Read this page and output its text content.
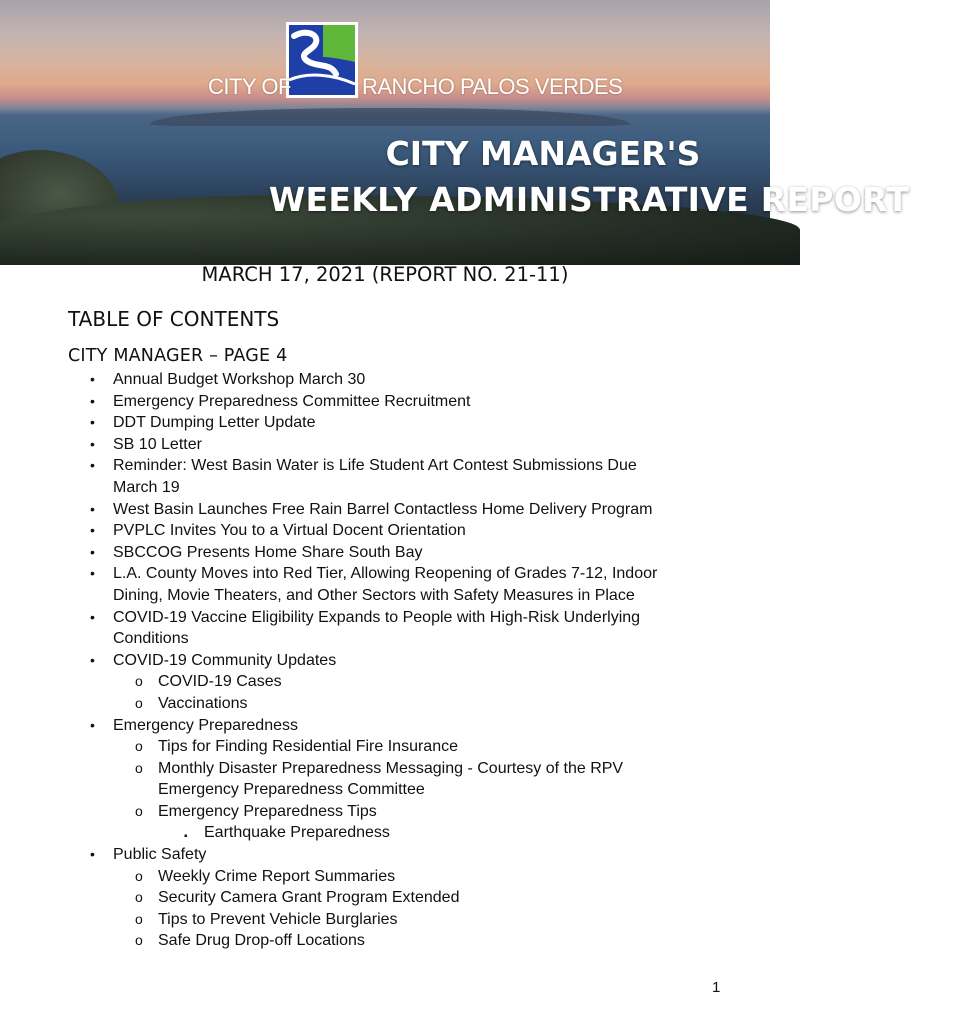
CITY OF	RANCHO PALOS VERDES
CITY MANAGER'S
WEEKLY ADMINISTRATIVE REPORT
MARCH 17, 2021 (REPORT NO. 21-11)
TABLE OF CONTENTS
CITY MANAGER – PAGE 4
• Annual Budget Workshop March 30
• Emergency Preparedness Committee Recruitment
• DDT Dumping Letter Update
• SB 10 Letter
• Reminder: West Basin Water is Life Student Art Contest Submissions Due
March 19
• West Basin Launches Free Rain Barrel Contactless Home Delivery Program
• PVPLC Invites You to a Virtual Docent Orientation
• SBCCOG Presents Home Share South Bay
• L.A. County Moves into Red Tier, Allowing Reopening of Grades 7-12, Indoor
Dining, Movie Theaters, and Other Sectors with Safety Measures in Place
• COVID-19 Vaccine Eligibility Expands to People with High-Risk Underlying
Conditions
• COVID-19 Community Updates
o COVID-19 Cases
o Vaccinations
• Emergency Preparedness
o Tips for Finding Residential Fire Insurance
o Monthly Disaster Preparedness Messaging - Courtesy of the RPV
Emergency Preparedness Committee
o Emergency Preparedness Tips
▪ Earthquake Preparedness
• Public Safety
o Weekly Crime Report Summaries
o Security Camera Grant Program Extended
o Tips to Prevent Vehicle Burglaries
o Safe Drug Drop-off Locations
1
